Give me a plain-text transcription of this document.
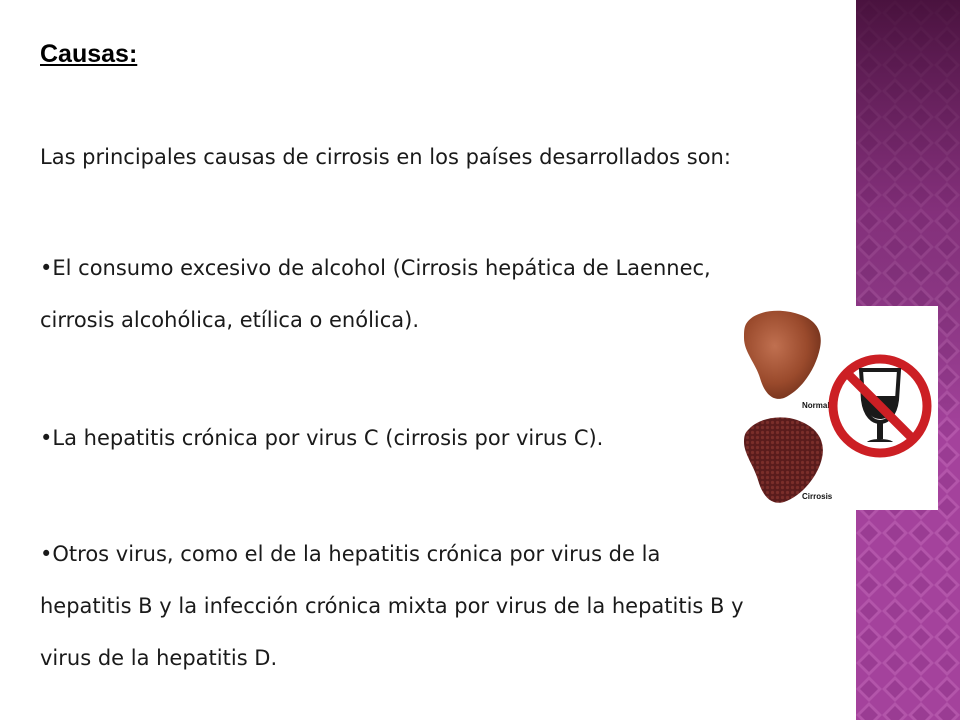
Causas:

Las principales causas de cirrosis en los países desarrollados son:

•El consumo excesivo de alcohol (Cirrosis hepática de Laennec,
cirrosis alcohólica, etílica o enólica).
•La hepatitis crónica por virus C (cirrosis por virus C).
•Otros virus, como el de la hepatitis crónica por virus de la
hepatitis B y la infección crónica mixta por virus de la hepatitis B y
virus de la hepatitis D.
Normal
Cirrosis
